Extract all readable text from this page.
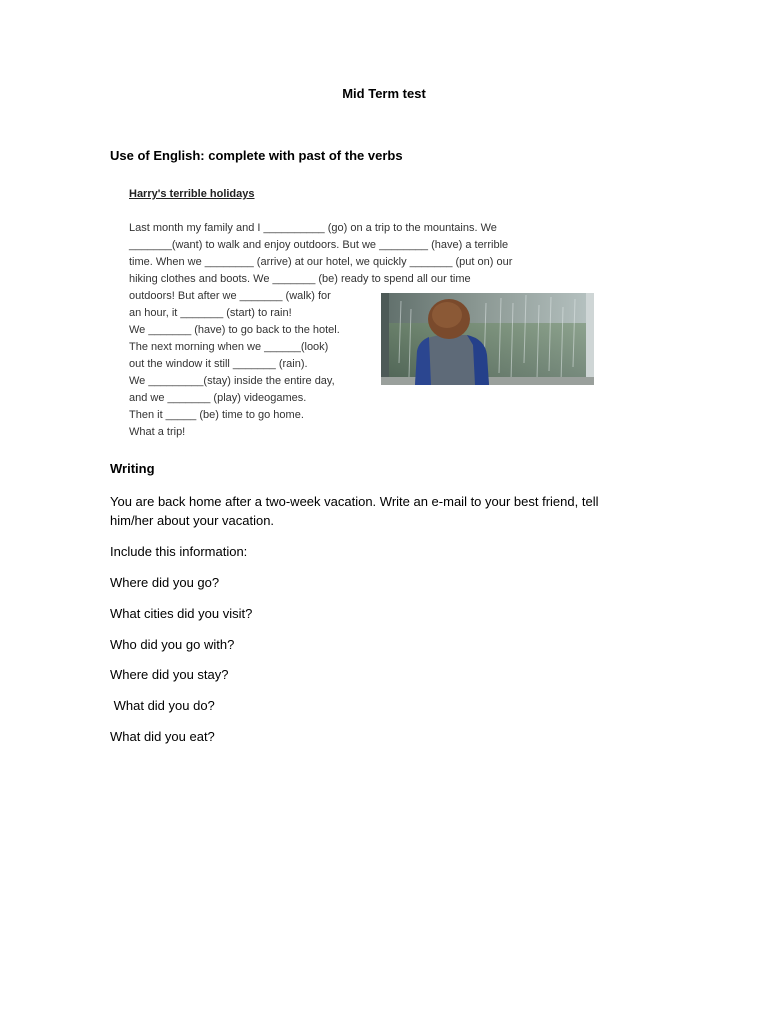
Mid Term test
Use of English: complete with past of the verbs
Harry's terrible holidays
Last month my family and I __________ (go) on a trip to the mountains. We
_______(want) to walk and enjoy outdoors. But we ________ (have) a terrible
time. When we ________ (arrive) at our hotel, we quickly _______ (put on) our
hiking clothes and boots. We _______ (be) ready to spend all our time
outdoors! But after we _______ (walk) for
an hour, it _______ (start) to rain!
We _______ (have) to go back to the hotel.
The next morning when we ______(look)
out the window it still _______ (rain).
We _________(stay) inside the entire day,
and we _______ (play) videogames.
Then it _____ (be) time to go home.
What a trip!
Writing
You are back home after a two-week vacation. Write an e-mail to your best friend, tell him/her about your vacation.
Include this information:
Where did you go?
What cities did you visit?
Who did you go with?
Where did you stay?
What did you do?
What did you eat?
